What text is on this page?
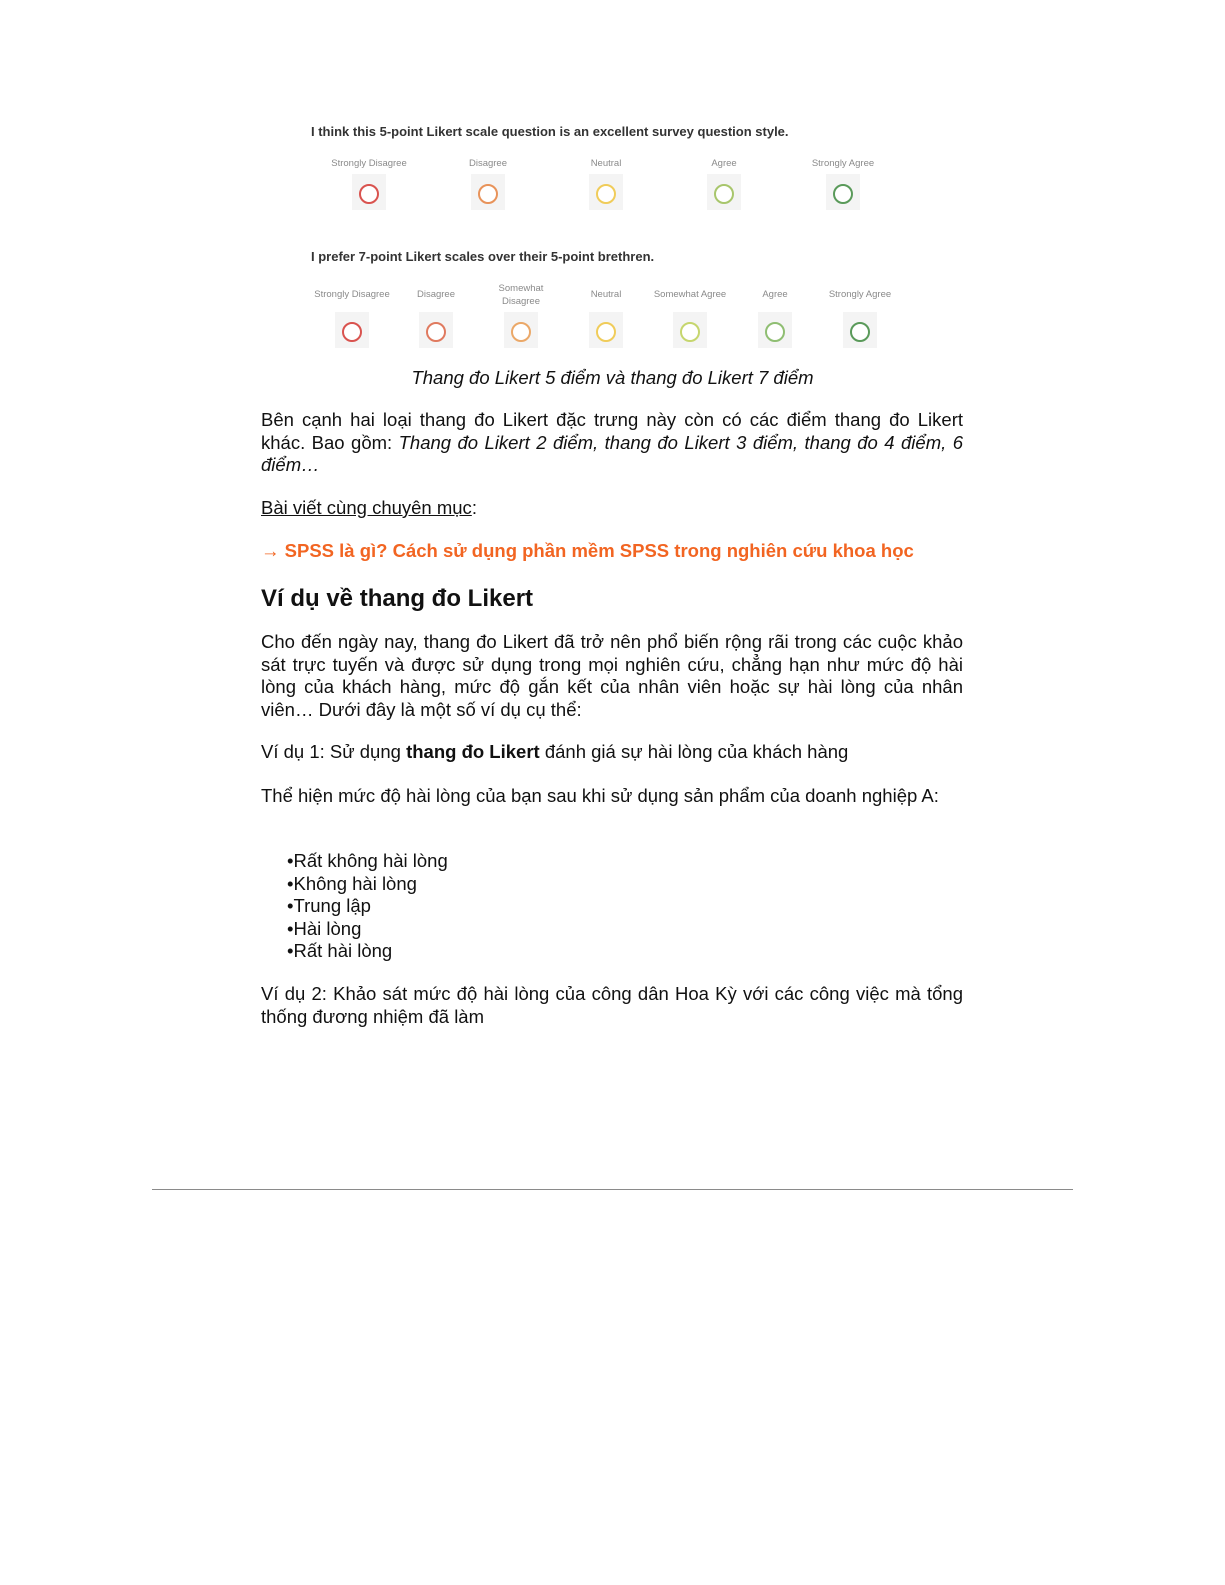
I think this 5-point Likert scale question is an excellent survey question style.
Strongly Disagree	Disagree	Neutral	Agree	Strongly Agree
I prefer 7-point Likert scales over their 5-point brethren.
Strongly Disagree	Disagree
Somewhat
Disagree
Neutral	Somewhat Agree	Agree	Strongly Agree
Thang đo Likert 5 điểm và thang đo Likert 7 điểm
Bên cạnh hai loại thang đo Likert đặc trưng này còn có các điểm thang đo Likert khác. Bao gồm: Thang đo Likert 2 điểm, thang đo Likert 3 điểm, thang đo 4 điểm, 6 điểm…
Bài viết cùng chuyên mục:
→ SPSS là gì? Cách sử dụng phần mềm SPSS trong nghiên cứu khoa học
Ví dụ về thang đo Likert
Cho đến ngày nay, thang đo Likert đã trở nên phổ biến rộng rãi trong các cuộc khảo sát trực tuyến và được sử dụng trong mọi nghiên cứu, chẳng hạn như mức độ hài lòng của khách hàng, mức độ gắn kết của nhân viên hoặc sự hài lòng của nhân viên… Dưới đây là một số ví dụ cụ thể:
Ví dụ 1: Sử dụng thang đo Likert đánh giá sự hài lòng của khách hàng
Thể hiện mức độ hài lòng của bạn sau khi sử dụng sản phẩm của doanh nghiệp A:
• Rất không hài lòng
• Không hài lòng
• Trung lập
• Hài lòng
• Rất hài lòng
Ví dụ 2: Khảo sát mức độ hài lòng của công dân Hoa Kỳ với các công việc mà tổng thống đương nhiệm đã làm
